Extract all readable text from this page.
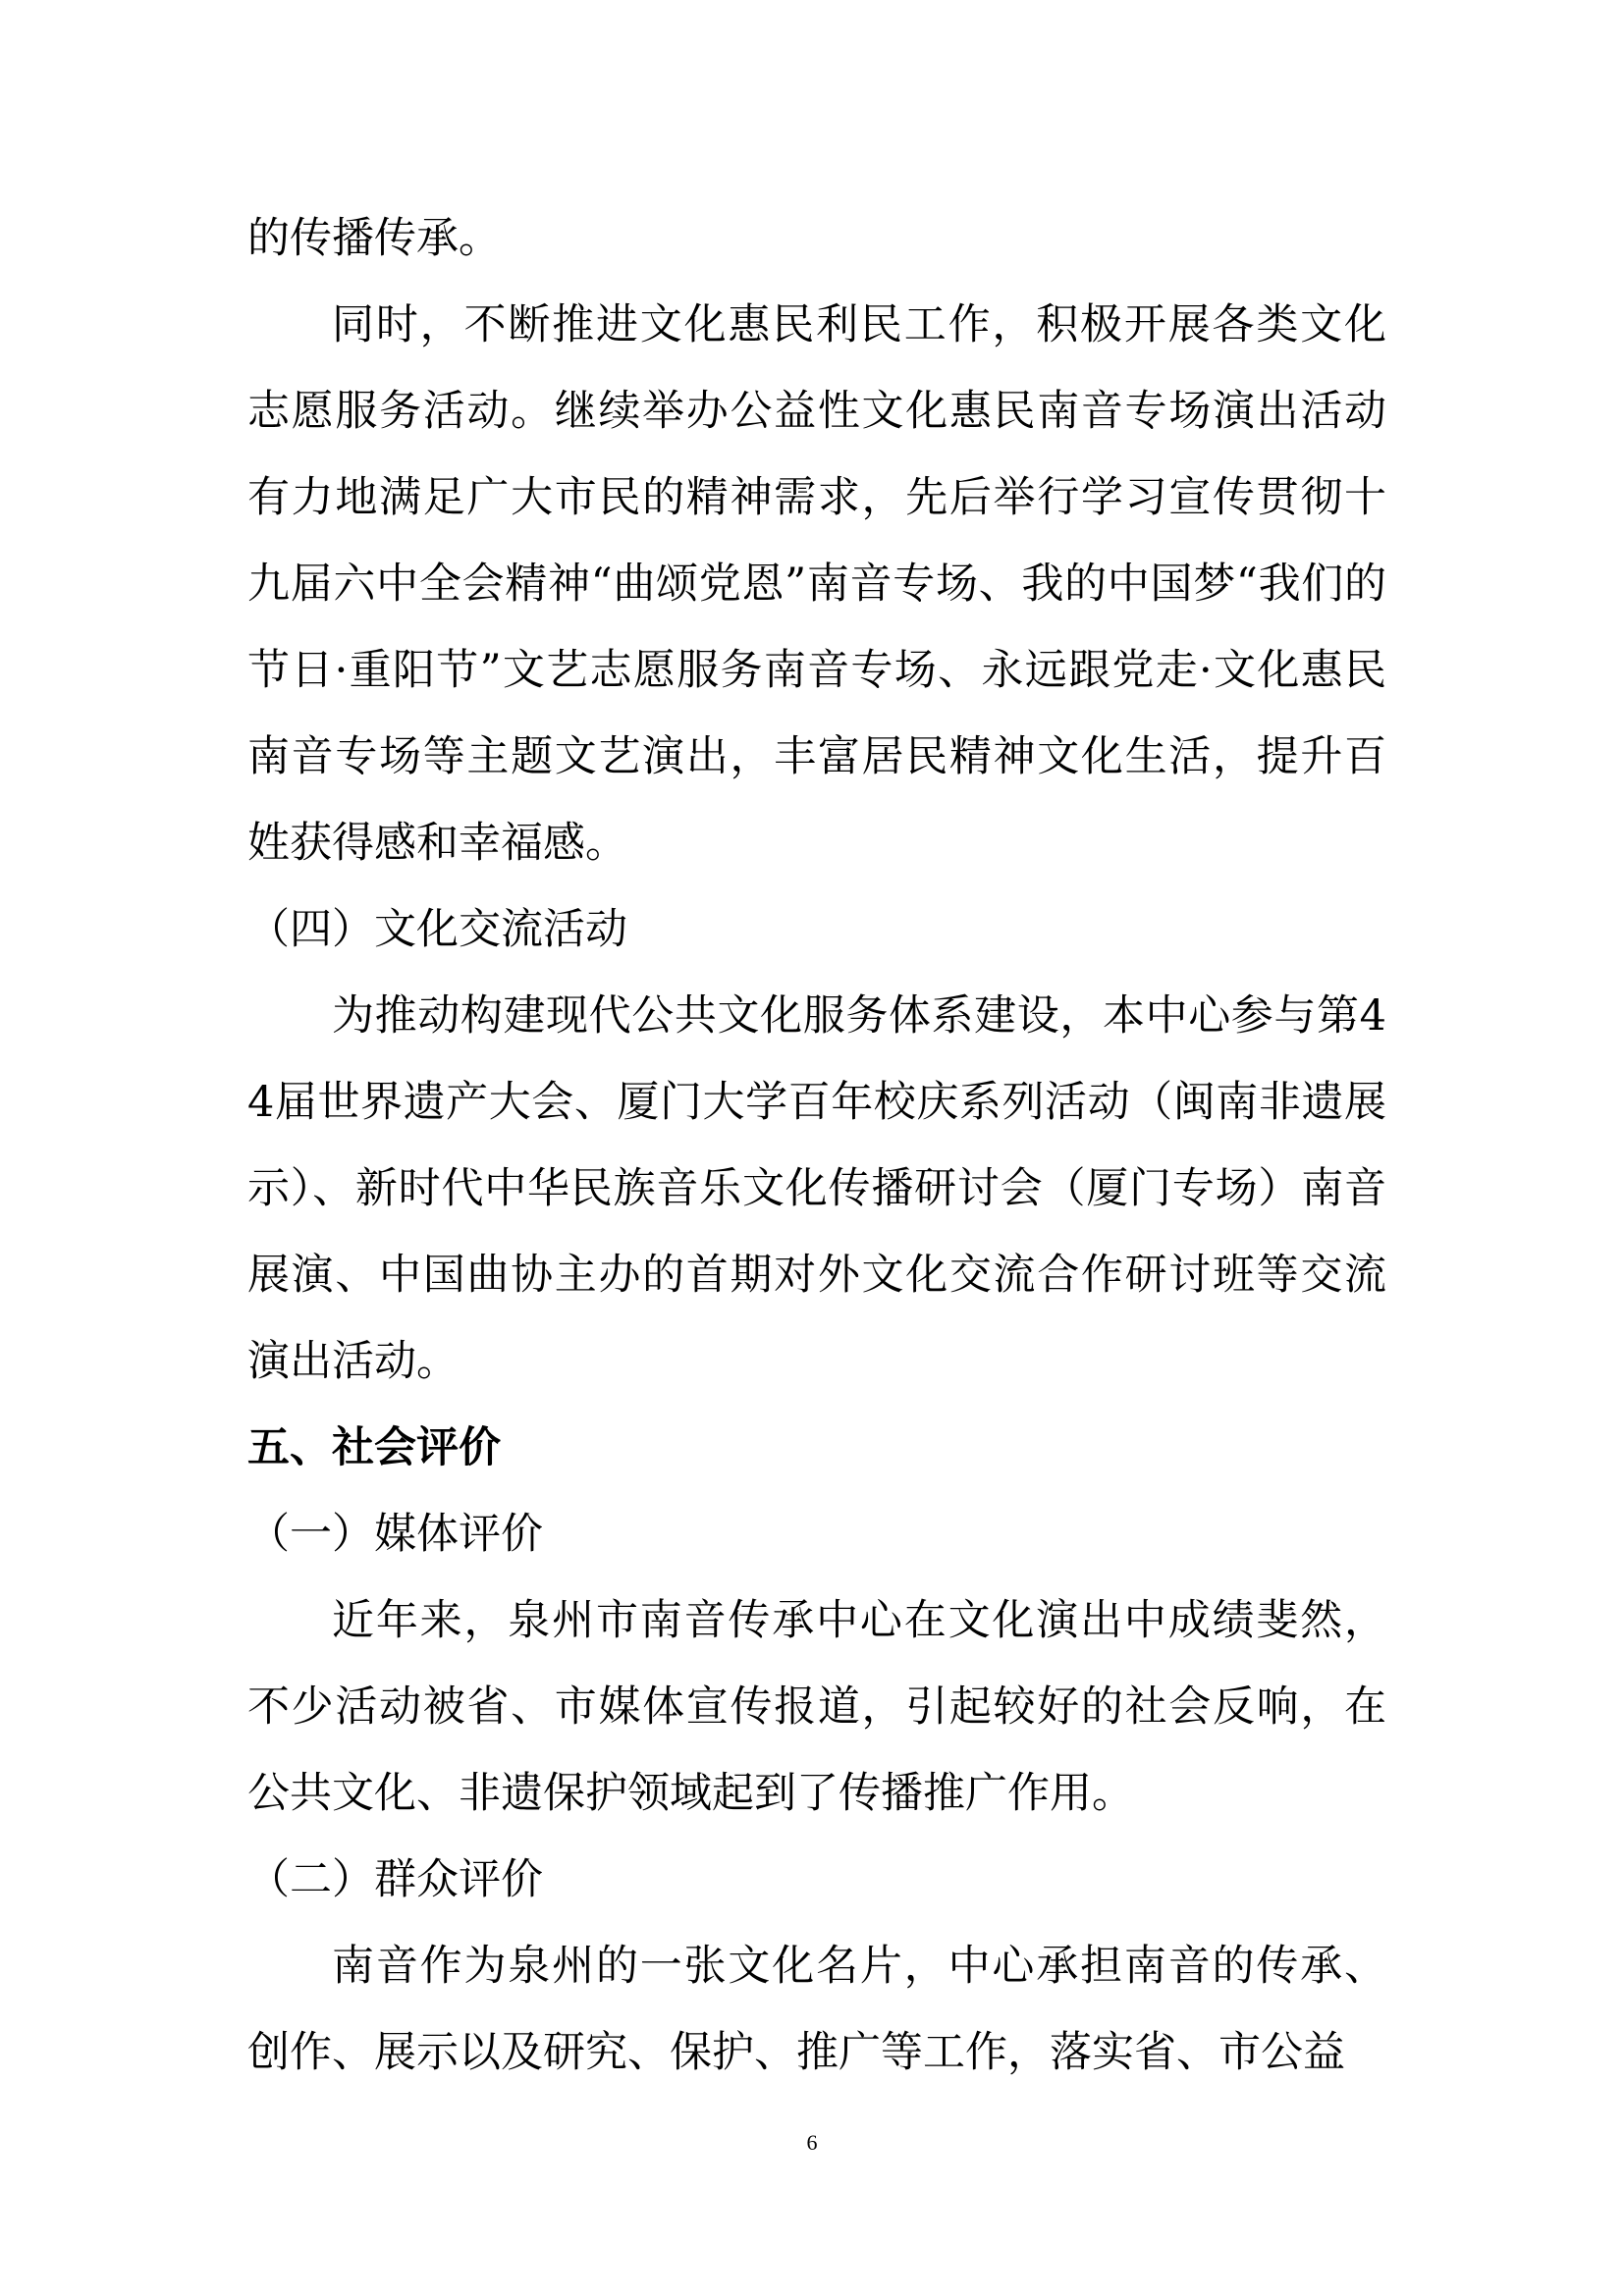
的传播传承。

同时，不断推进文化惠民利民工作，积极开展各类文化志愿服务活动。继续举办公益性文化惠民南音专场演出活动有力地满足广大市民的精神需求，先后举行学习宣传贯彻十九届六中全会精神“曲颂党恩”南音专场、我的中国梦“我们的节日·重阳节”文艺志愿服务南音专场、永远跟党走·文化惠民南音专场等主题文艺演出，丰富居民精神文化生活，提升百姓获得感和幸福感。

（四）文化交流活动

为推动构建现代公共文化服务体系建设，本中心参与第44届世界遗产大会、厦门大学百年校庆系列活动（闽南非遗展示）、新时代中华民族音乐文化传播研讨会（厦门专场）南音展演、中国曲协主办的首期对外文化交流合作研讨班等交流演出活动。

五、社会评价

（一）媒体评价

近年来，泉州市南音传承中心在文化演出中成绩斐然，不少活动被省、市媒体宣传报道，引起较好的社会反响，在公共文化、非遗保护领域起到了传播推广作用。

（二）群众评价

南音作为泉州的一张文化名片，中心承担南音的传承、创作、展示以及研究、保护、推广等工作，落实省、市公益

6
